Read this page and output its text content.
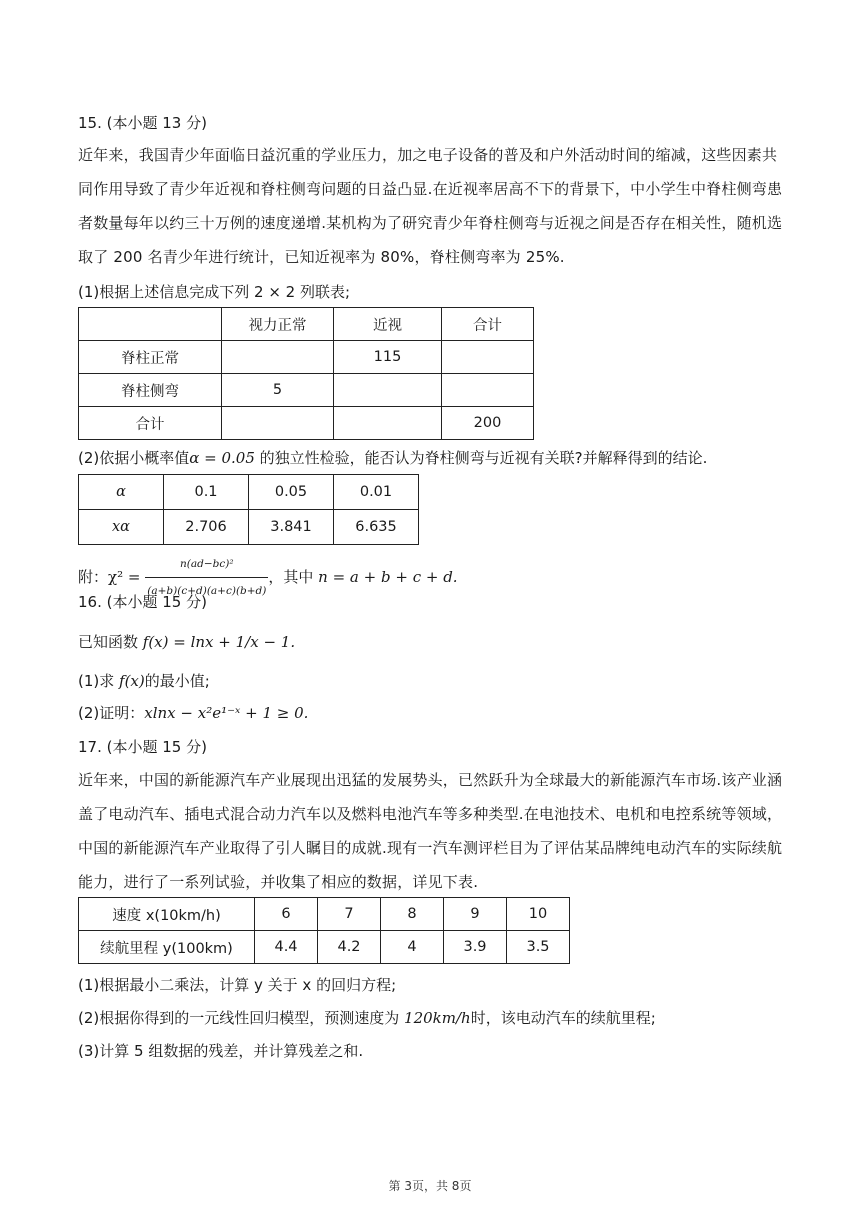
15. (本小题 13 分)
近年来，我国青少年面临日益沉重的学业压力，加之电子设备的普及和户外活动时间的缩减，这些因素共同作用导致了青少年近视和脊柱侧弯问题的日益凸显.在近视率居高不下的背景下，中小学生中脊柱侧弯患者数量每年以约三十万例的速度递增.某机构为了研究青少年脊柱侧弯与近视之间是否存在相关性，随机选取了 200 名青少年进行统计，已知近视率为 80%，脊柱侧弯率为 25%.
(1)根据上述信息完成下列 2 × 2 列联表;
	视力正常	近视	合计
脊柱正常		115	
脊柱侧弯	5		
合计			200
(2)依据小概率值α = 0.05 的独立性检验，能否认为脊柱侧弯与近视有关联?并解释得到的结论.
α	0.1	0.05	0.01
xα	2.706	3.841	6.635
附：$\chi^2 = \frac{\text{n(ad−bc)²}}{(a+b)(c+d)(a+c)(b+d)}$ ，其中 n = a + b + c + d.
16. (本小题 15 分)
已知函数 f(x) = lnx + 1/x − 1.
(1)求 f(x)的最小值;
(2)证明：xlnx − x²e¹⁻ˣ + 1 ≥ 0.
17. (本小题 15 分)
近年来，中国的新能源汽车产业展现出迅猛的发展势头，已然跃升为全球最大的新能源汽车市场.该产业涵盖了电动汽车、插电式混合动力汽车以及燃料电池汽车等多种类型.在电池技术、电机和电控系统等领域，中国的新能源汽车产业取得了引人瞩目的成就.现有一汽车测评栏目为了评估某品牌纯电动汽车的实际续航能力，进行了一系列试验，并收集了相应的数据，详见下表.
速度 x(10km/h)	6	7	8	9	10
续航里程 y(100km)	4.4	4.2	4	3.9	3.5
(1)根据最小二乘法，计算 y 关于 x 的回归方程;
(2)根据你得到的一元线性回归模型，预测速度为 120km/h时，该电动汽车的续航里程;
(3)计算 5 组数据的残差，并计算残差之和.
第 3页，共 8页
